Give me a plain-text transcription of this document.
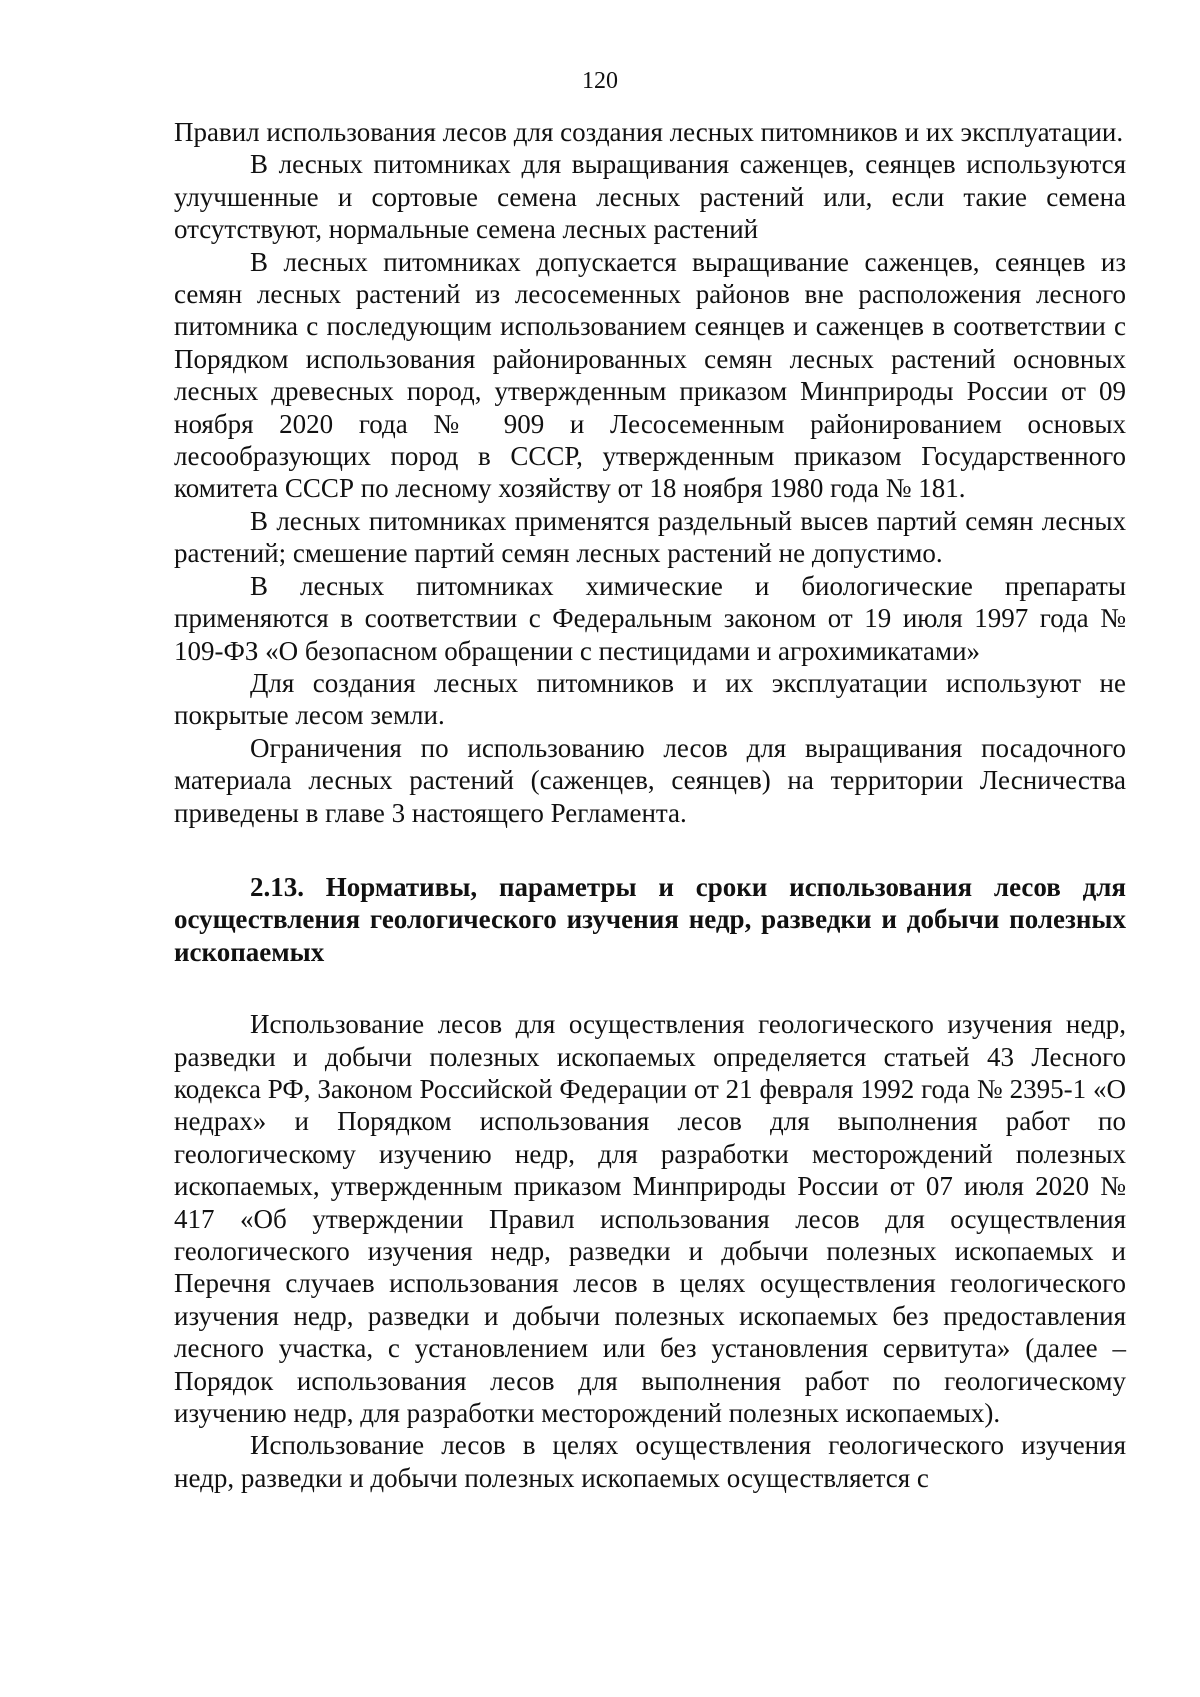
120

Правил использования лесов для создания лесных питомников и их эксплуатации.

В лесных питомниках для выращивания саженцев, сеянцев используются улучшенные и сортовые семена лесных растений или, если такие семена отсутствуют, нормальные семена лесных растений

В лесных питомниках допускается выращивание саженцев, сеянцев из семян лесных растений из лесосеменных районов вне расположения лесного питомника с последующим использованием сеянцев и саженцев в соответствии с Порядком использования районированных семян лесных растений основных лесных древесных пород, утвержденным приказом Минприроды России от 09 ноября 2020 года № 909 и Лесосеменным районированием основых лесообразующих пород в СССР, утвержденным приказом Государственного комитета СССР по лесному хозяйству от 18 ноября 1980 года № 181.

В лесных питомниках применятся раздельный высев партий семян лесных растений; смешение партий семян лесных растений не допустимо.

В лесных питомниках химические и биологические препараты применяются в соответствии с Федеральным законом от 19 июля 1997 года № 109-ФЗ «О безопасном обращении с пестицидами и агрохимикатами»

Для создания лесных питомников и их эксплуатации используют не покрытые лесом земли.

Ограничения по использованию лесов для выращивания посадочного материала лесных растений (саженцев, сеянцев) на территории Лесничества приведены в главе 3 настоящего Регламента.

2.13. Нормативы, параметры и сроки использования лесов для осуществления геологического изучения недр, разведки и добычи полезных ископаемых

Использование лесов для осуществления геологического изучения недр, разведки и добычи полезных ископаемых определяется статьей 43 Лесного кодекса РФ, Законом Российской Федерации от 21 февраля 1992 года № 2395-1 «О недрах» и Порядком использования лесов для выполнения работ по геологическому изучению недр, для разработки месторождений полезных ископаемых, утвержденным приказом Минприроды России от 07 июля 2020 № 417 «Об утверждении Правил использования лесов для осуществления геологического изучения недр, разведки и добычи полезных ископаемых и Перечня случаев использования лесов в целях осуществления геологического изучения недр, разведки и добычи полезных ископаемых без предоставления лесного участка, с установлением или без установления сервитута» (далее – Порядок использования лесов для выполнения работ по геологическому изучению недр, для разработки месторождений полезных ископаемых).

Использование лесов в целях осуществления геологического изучения недр, разведки и добычи полезных ископаемых осуществляется с
